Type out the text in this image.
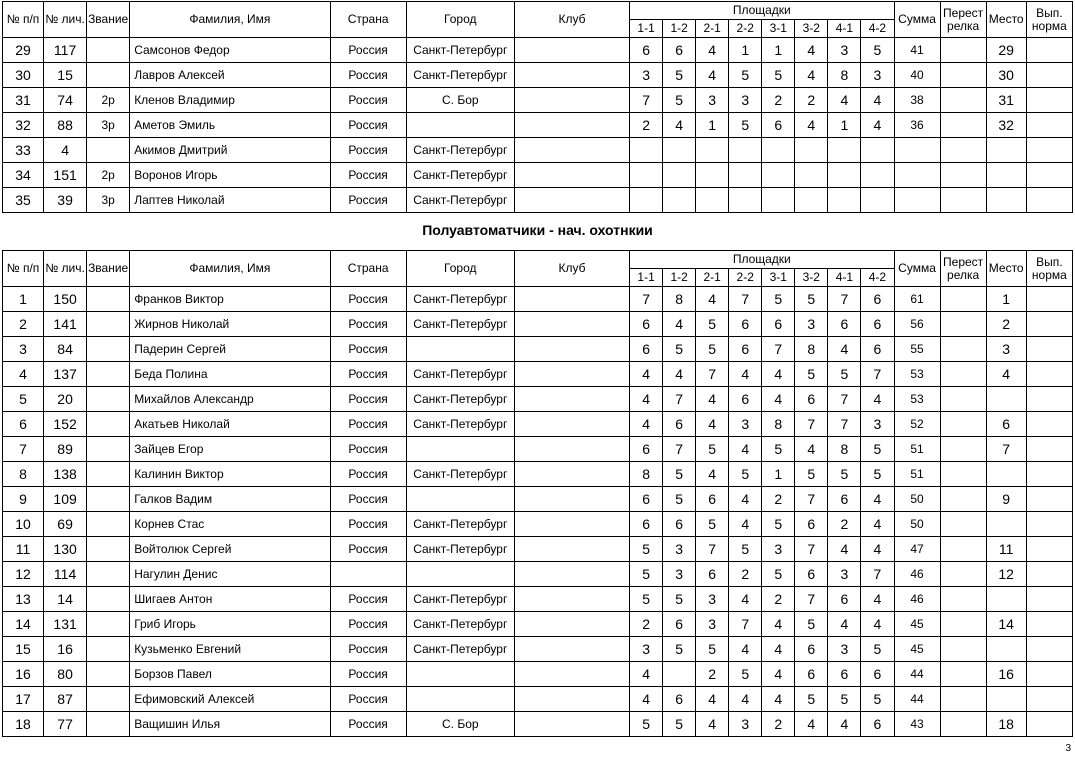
№ п/п	№ лич.	Звание	Фамилия, Имя	Страна	Город	Клуб	Площадки								Сумма	Перест релка	Место	Вып. норма
							1-1	1-2	2-1	2-2	3-1	3-2	4-1	4-2				
29	117		Самсонов Федор	Россия	Санкт-Петербург		6	6	4	1	1	4	3	5	41		29	
30	15		Лавров Алексей	Россия	Санкт-Петербург		3	5	4	5	5	4	8	3	40		30	
31	74	2р	Кленов Владимир	Россия	С. Бор		7	5	3	3	2	2	4	4	38		31	
32	88	3р	Аметов Эмиль	Россия			2	4	1	5	6	4	1	4	36		32	
33	4		Акимов Дмитрий	Россия	Санкт-Петербург													
34	151	2р	Воронов Игорь	Россия	Санкт-Петербург													
35	39	3р	Лаптев Николай	Россия	Санкт-Петербург													
Полуавтоматчики - нач. охотнкии
№ п/п	№ лич.	Звание	Фамилия, Имя	Страна	Город	Клуб	Площадки								Сумма	Перест релка	Место	Вып. норма
							1-1	1-2	2-1	2-2	3-1	3-2	4-1	4-2				
1	150		Франков Виктор	Россия	Санкт-Петербург		7	8	4	7	5	5	7	6	61		1	
2	141		Жирнов Николай	Россия	Санкт-Петербург		6	4	5	6	6	3	6	6	56		2	
3	84		Падерин Сергей	Россия			6	5	5	6	7	8	4	6	55		3	
4	137		Беда Полина	Россия	Санкт-Петербург		4	4	7	4	4	5	5	7	53		4	
5	20		Михайлов Александр	Россия	Санкт-Петербург		4	7	4	6	4	6	7	4	53			
6	152		Акатьев Николай	Россия	Санкт-Петербург		4	6	4	3	8	7	7	3	52		6	
7	89		Зайцев Егор	Россия			6	7	5	4	5	4	8	5	51		7	
8	138		Калинин Виктор	Россия	Санкт-Петербург		8	5	4	5	1	5	5	5	51			
9	109		Галков Вадим	Россия			6	5	6	4	2	7	6	4	50		9	
10	69		Корнев Стас	Россия	Санкт-Петербург		6	6	5	4	5	6	2	4	50			
11	130		Войтолюк Сергей	Россия	Санкт-Петербург		5	3	7	5	3	7	4	4	47		11	
12	114		Нагулин Денис				5	3	6	2	5	6	3	7	46		12	
13	14		Шигаев Антон	Россия	Санкт-Петербург		5	5	3	4	2	7	6	4	46			
14	131		Гриб Игорь	Россия	Санкт-Петербург		2	6	3	7	4	5	4	4	45		14	
15	16		Кузьменко Евгений	Россия	Санкт-Петербург		3	5	5	4	4	6	3	5	45			
16	80		Борзов Павел	Россия			4		2	5	4	6	6	6	44		16	
17	87		Ефимовский Алексей	Россия			4	6	4	4	4	5	5	5	44			
18	77		Ващишин Илья	Россия	С. Бор		5	5	4	3	2	4	4	6	43		18	
3
